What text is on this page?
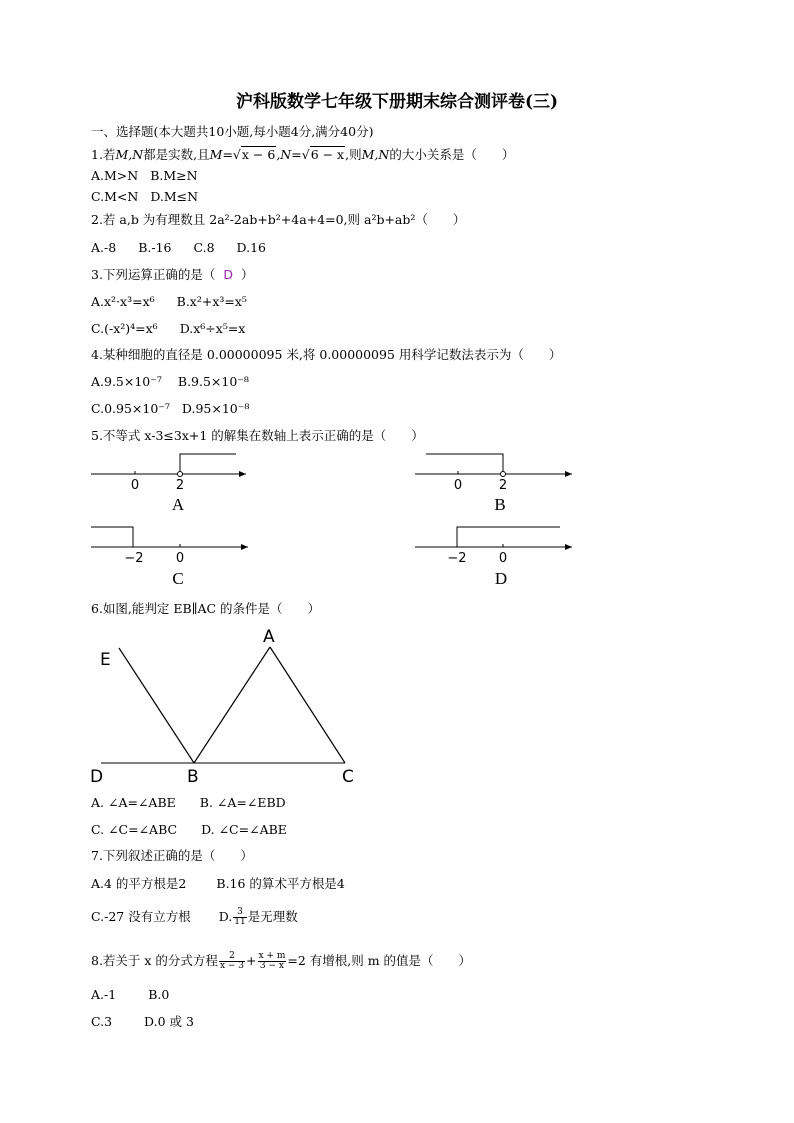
沪科版数学七年级下册期末综合测评卷(三)
一、选择题(本大题共10小题,每小题4分,满分40分)
1.若M,N都是实数,且M=√x − 6,N=√6 − x,则M,N的大小关系是（　　）
A.M>N B.M≥N
C.M<N D.M≤N
2.若 a,b 为有理数且 2a²-2ab+b²+4a+4=0,则 a²b+ab²（　　）
A.-8 B.-16 C.8 D.16
3.下列运算正确的是（ D ）
A.x²·x³=x⁶ B.x²+x³=x⁵
C.(-x²)⁴=x⁶ D.x⁶÷x⁵=x
4.某种细胞的直径是 0.00000095 米,将 0.00000095 用科学记数法表示为（　　）
A.9.5×10⁻⁷ B.9.5×10⁻⁸
C.0.95×10⁻⁷ D.95×10⁻⁸
5.不等式 x-3≤3x+1 的解集在数轴上表示正确的是（　　）
0	2
A
0	2
B
−2 0
C
−2 0
D
6.如图,能判定 EB∥AC 的条件是（　　）
E
A
D	B	C
A. ∠A=∠ABE B. ∠A=∠EBD
C. ∠C=∠ABC D. ∠C=∠ABE
7.下列叙述正确的是（　　）
A.4 的平方根是2 B.16 的算术平方根是4
C.-27 没有立方根 D. $\frac{3}{11}$ 是无理数
8.若关于 x 的分式方程 $\frac{2}{x - 3} + \frac{x + m}{3 - x} =2$ 有增根,则 m 的值是（　　）
A.-1	B.0
C.3	D.0 或 3
